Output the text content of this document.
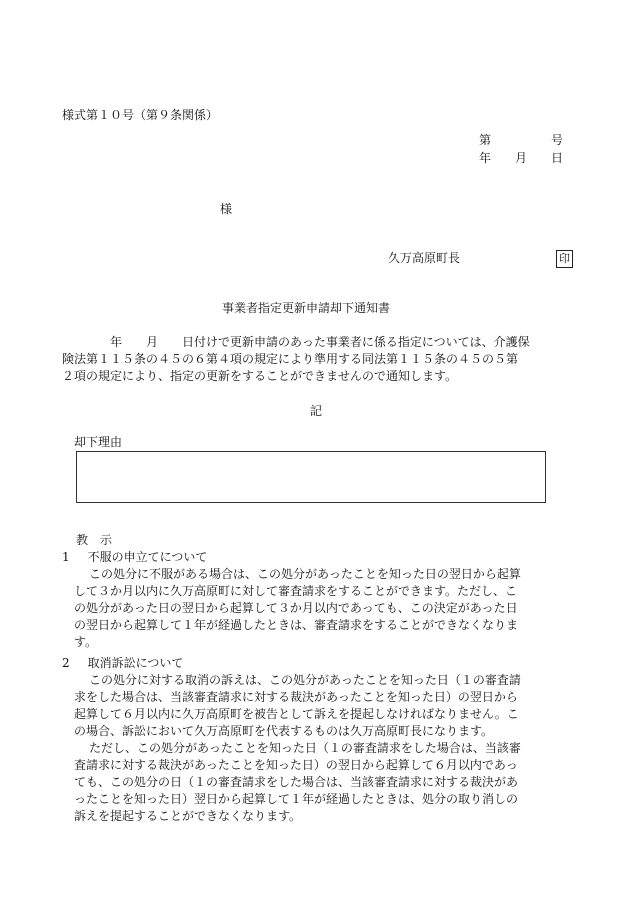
様式第１０号（第９条関係）
第　　　　　号
年　　月　　日
様
久万高原町長	印
事業者指定更新申請却下通知書
　　年　　月　　日付けで更新申請のあった事業者に係る指定については、介護保
険法第１１５条の４５の６第４項の規定により準用する同法第１１５条の４５の５第
２項の規定により、指定の更新をすることができませんので通知します。
記
却下理由
教　示
1 不服の申立てについて
この処分に不服がある場合は、この処分があったことを知った日の翌日から起算
して３か月以内に久万高原町に対して審査請求をすることができます。ただし、こ
の処分があった日の翌日から起算して３か月以内であっても、この決定があった日
の翌日から起算して１年が経過したときは、審査請求をすることができなくなりま
す。
2 取消訴訟について
この処分に対する取消の訴えは、この処分があったことを知った日（１の審査請
求をした場合は、当該審査請求に対する裁決があったことを知った日）の翌日から
起算して６月以内に久万高原町を被告として訴えを提起しなければなりません。こ
の場合、訴訟において久万高原町を代表するものは久万高原町長になります。
ただし、この処分があったことを知った日（１の審査請求をした場合は、当該審
査請求に対する裁決があったことを知った日）の翌日から起算して６月以内であっ
ても、この処分の日（１の審査請求をした場合は、当該審査請求に対する裁決があ
ったことを知った日）翌日から起算して１年が経過したときは、処分の取り消しの
訴えを提起することができなくなります。
